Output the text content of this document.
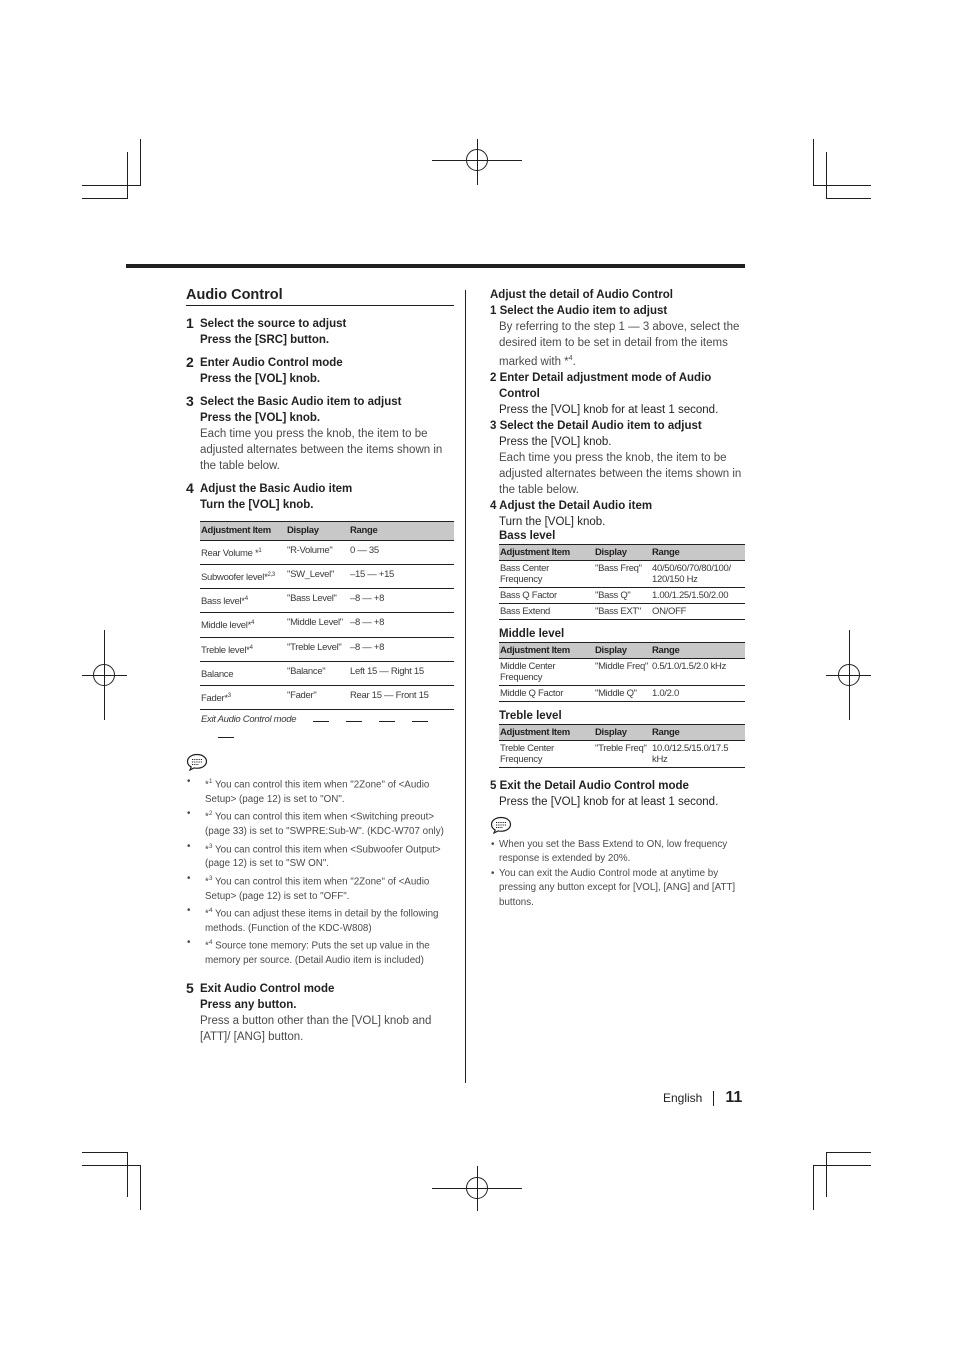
Audio Control
1 Select the source to adjust
Press the [SRC] button.
2 Enter Audio Control mode
Press the [VOL] knob.
3 Select the Basic Audio item to adjust
Press the [VOL] knob.
Each time you press the knob, the item to be adjusted alternates between the items shown in the table below.
4 Adjust the Basic Audio item
Turn the [VOL] knob.
Adjustment Item	Display	Range
Rear Volume *$^1$	"R-Volume"	0 — 35
Subwoofer level*$^{2,3}$	"SW_Level"	–15 — +15
Bass level*$^4$	"Bass Level"	–8 — +8
Middle level*$^4$	"Middle Level"	–8 — +8
Treble level*$^4$	"Treble Level"	–8 — +8
Balance	"Balance"	Left 15 — Right 15
Fader*$^3$	"Fader"	Rear 15 — Front 15
Exit Audio Control mode		
• *$^1$ You can control this item when "2Zone" of <Audio Setup> (page 12) is set to "ON".
• *$^2$ You can control this item when <Switching preout> (page 33) is set to "SWPRE:Sub-W". (KDC-W707 only)
• *$^3$ You can control this item when <Subwoofer Output> (page 12) is set to "SW ON".
• *$^3$ You can control this item when "2Zone" of <Audio Setup> (page 12) is set to "OFF".
• *$^4$ You can adjust these items in detail by the following methods. (Function of the KDC-W808)
• *$^4$ Source tone memory: Puts the set up value in the memory per source. (Detail Audio item is included)
5 Exit Audio Control mode
Press any button.
Press a button other than the [VOL] knob and [ATT]/ [ANG] button.
Adjust the detail of Audio Control
1 Select the Audio item to adjust
By referring to the step 1 — 3 above, select the desired item to be set in detail from the items marked with *$^4$.
2 Enter Detail adjustment mode of Audio
Control
Press the [VOL] knob for at least 1 second.
3 Select the Detail Audio item to adjust
Press the [VOL] knob.
Each time you press the knob, the item to be adjusted alternates between the items shown in the table below.
4 Adjust the Detail Audio item
Turn the [VOL] knob.
Bass level
Adjustment Item	Display	Range
Bass Center Frequency	"Bass Freq"	40/50/60/70/80/100/ 120/150 Hz
Bass Q Factor	"Bass Q"	1.00/1.25/1.50/2.00
Bass Extend	"Bass EXT"	ON/OFF
Middle level
Adjustment Item	Display	Range
Middle Center Frequency	"Middle Freq"	0.5/1.0/1.5/2.0 kHz
Middle Q Factor	"Middle Q"	1.0/2.0
Treble level
Adjustment Item	Display	Range
Treble Center Frequency	"Treble Freq"	10.0/12.5/15.0/17.5 kHz
5 Exit the Detail Audio Control mode
Press the [VOL] knob for at least 1 second.
• When you set the Bass Extend to ON, low frequency response is extended by 20%.
• You can exit the Audio Control mode at anytime by pressing any button except for [VOL], [ANG] and [ATT] buttons.
English 11
